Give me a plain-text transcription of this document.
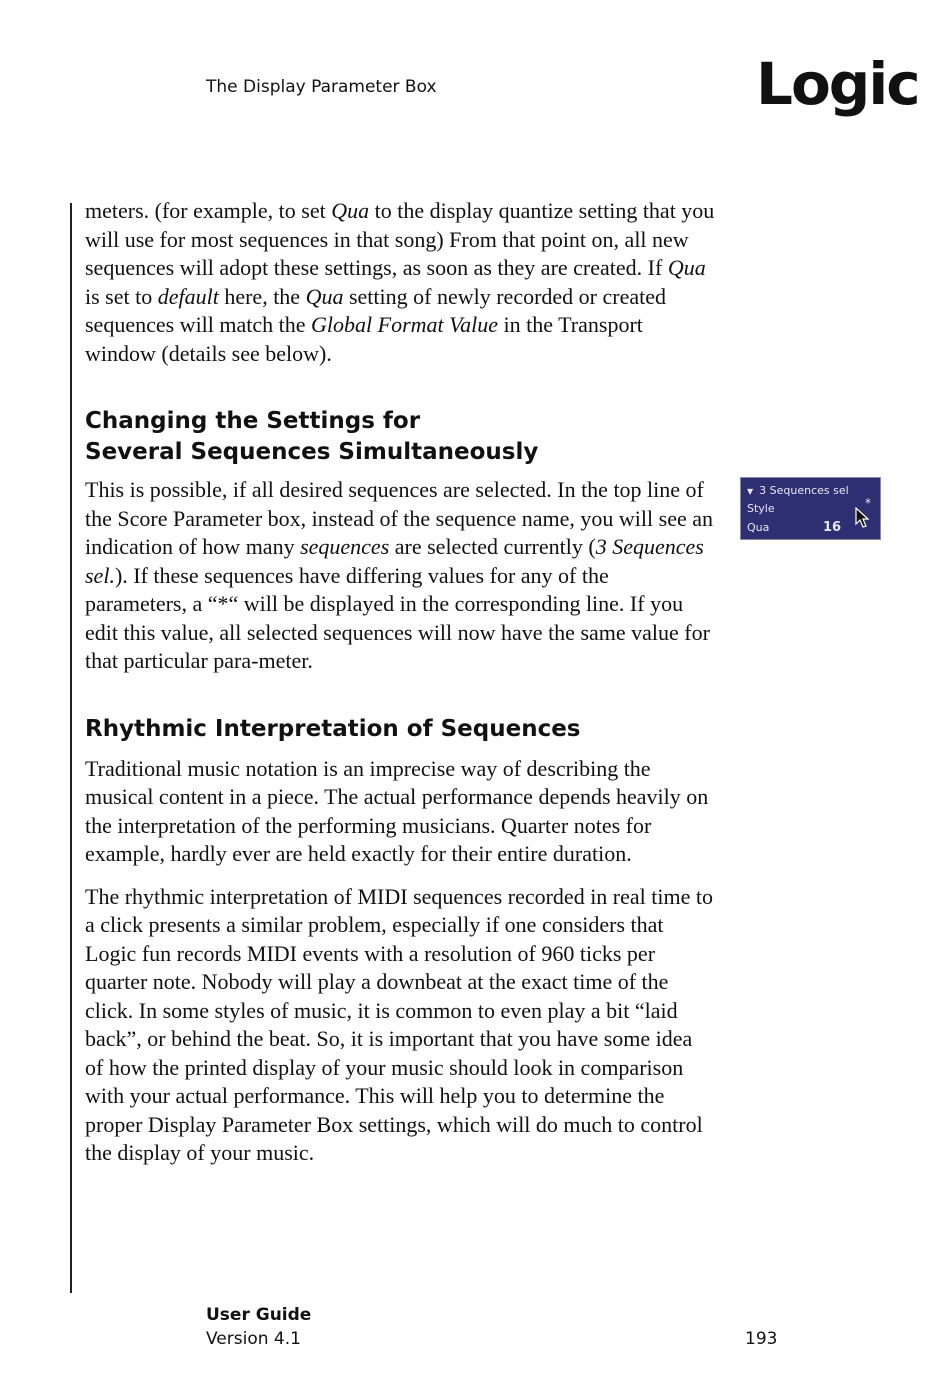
The Display Parameter Box	Logic

meters. (for example, to set Qua to the display quantize setting that you will use for most sequences in that song) From that point on, all new sequences will adopt these settings, as soon as they are created. If Qua is set to default here, the Qua setting of newly recorded or created sequences will match the Global Format Value in the Transport window (details see below).

Changing the Settings for
Several Sequences Simultaneously

This is possible, if all desired sequences are selected. In the top line of the Score Parameter box, instead of the sequence name, you will see an indication of how many sequences are selected currently (3 Sequences sel.). If these sequences have differing values for any of the parameters, a “*“ will be displayed in the corresponding line. If you edit this value, all selected sequences will now have the same value for that particular para-meter.

Rhythmic Interpretation of Sequences

Traditional music notation is an imprecise way of describing the musical content in a piece. The actual performance depends heavily on the interpretation of the performing musicians. Quarter notes for example, hardly ever are held exactly for their entire duration.

The rhythmic interpretation of MIDI sequences recorded in real time to a click presents a similar problem, especially if one considers that Logic fun records MIDI events with a resolution of 960 ticks per quarter note. Nobody will play a downbeat at the exact time of the click. In some styles of music, it is common to even play a bit “laid back”, or behind the beat. So, it is important that you have some idea of how the printed display of your music should look in comparison with your actual performance. This will help you to determine the proper Display Parameter Box settings, which will do much to control the display of your music.

▼ 3 Sequences sel
Style	*
Qua	16
User Guide
Version 4.1	193
